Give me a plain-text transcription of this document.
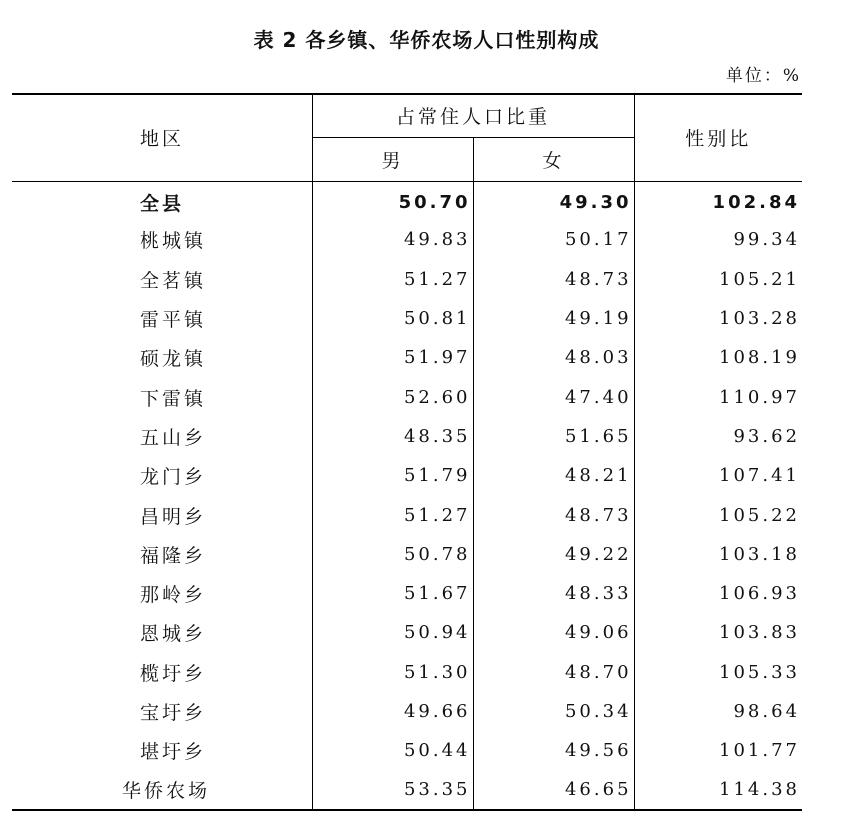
表 2 各乡镇、华侨农场人口性别构成
单位：%
地区	占常住人口比重		性别比
	男	女	
全县	50.70	49.30	102.84
桃城镇	49.83	50.17	99.34
全茗镇	51.27	48.73	105.21
雷平镇	50.81	49.19	103.28
硕龙镇	51.97	48.03	108.19
下雷镇	52.60	47.40	110.97
五山乡	48.35	51.65	93.62
龙门乡	51.79	48.21	107.41
昌明乡	51.27	48.73	105.22
福隆乡	50.78	49.22	103.18
那岭乡	51.67	48.33	106.93
恩城乡	50.94	49.06	103.83
榄圩乡	51.30	48.70	105.33
宝圩乡	49.66	50.34	98.64
堪圩乡	50.44	49.56	101.77
华侨农场	53.35	46.65	114.38
